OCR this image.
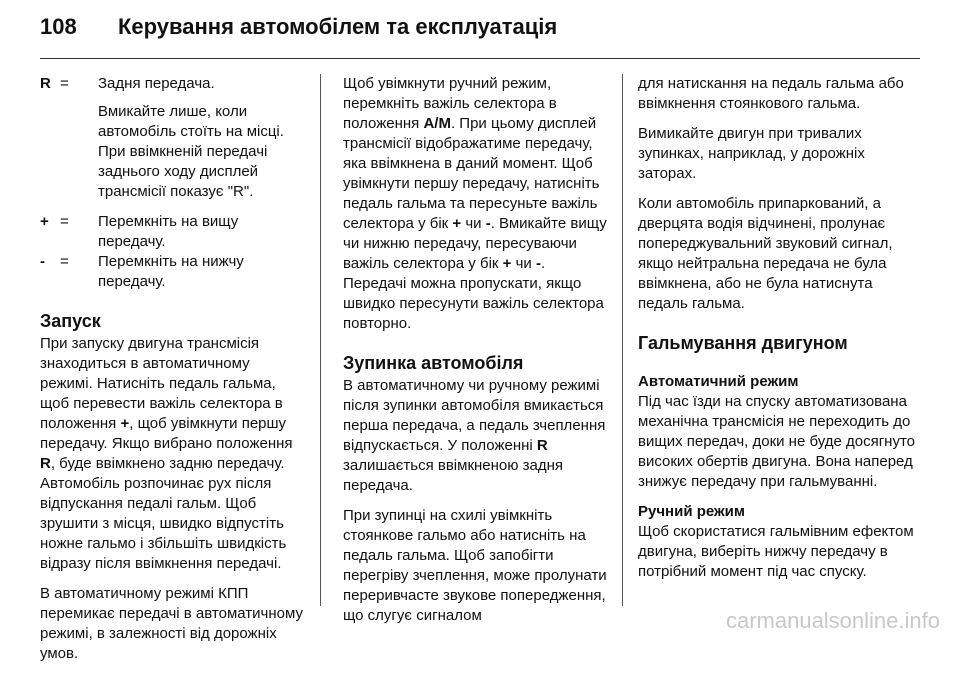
108	Керування автомобілем та експлуатація
R =	Задня передача.

Вмикайте лише, коли автомобіль стоїть на місці. При ввімкненій передачі заднього ходу дисплей трансмісії показує "R".

+ =	Перемкніть на вищу передачу.
-	=	Перемкніть на нижчу передачу.
Запуск

При запуску двигуна трансмісія знаходиться в автоматичному режимі. Натисніть педаль гальма, щоб перевести важіль селектора в положення +, щоб увімкнути першу передачу. Якщо вибрано положення R, буде ввімкнено задню передачу. Автомобіль розпочинає рух після відпускання педалі гальм. Щоб зрушити з місця, швидко відпустіть ножне гальмо і збільшіть швидкість відразу після ввімкнення передачі.

В автоматичному режимі КПП перемикає передачі в автоматичному режимі, в залежності від дорожніх умов.

Щоб увімкнути ручний режим, перемкніть важіль селектора в положення A/M. При цьому дисплей трансмісії відображатиме передачу, яка ввімкнена в даний момент. Щоб увімкнути першу передачу, натисніть педаль гальма та пересуньте важіль селектора у бік + чи -. Вмикайте вищу чи нижню передачу, пересуваючи важіль селектора у бік + чи -. Передачі можна пропускати, якщо швидко пересунути важіль селектора повторно.

Зупинка автомобіля

В автоматичному чи ручному режимі після зупинки автомобіля вмикається перша передача, а педаль зчеплення відпускається. У положенні R залишається ввімкненою задня передача.

При зупинці на схилі увімкніть стоянкове гальмо або натисніть на педаль гальма. Щоб запобігти перегріву зчеплення, може пролунати переривчасте звукове попередження, що слугує сигналом

для натискання на педаль гальма або ввімкнення стоянкового гальма.

Вимикайте двигун при тривалих зупинках, наприклад, у дорожніх заторах.

Коли автомобіль припаркований, а дверцята водія відчинені, пролунає попереджувальний звуковий сигнал, якщо нейтральна передача не була ввімкнена, або не була натиснута педаль гальма.

Гальмування двигуном
Автоматичний режим

Під час їзди на спуску автоматизована механічна трансмісія не переходить до вищих передач, доки не буде досягнуто високих обертів двигуна. Вона наперед знижує передачу при гальмуванні.

Ручний режим

Щоб скористатися гальмівним ефектом двигуна, виберіть нижчу передачу в потрібний момент під час спуску.

carmanualsonline.info
